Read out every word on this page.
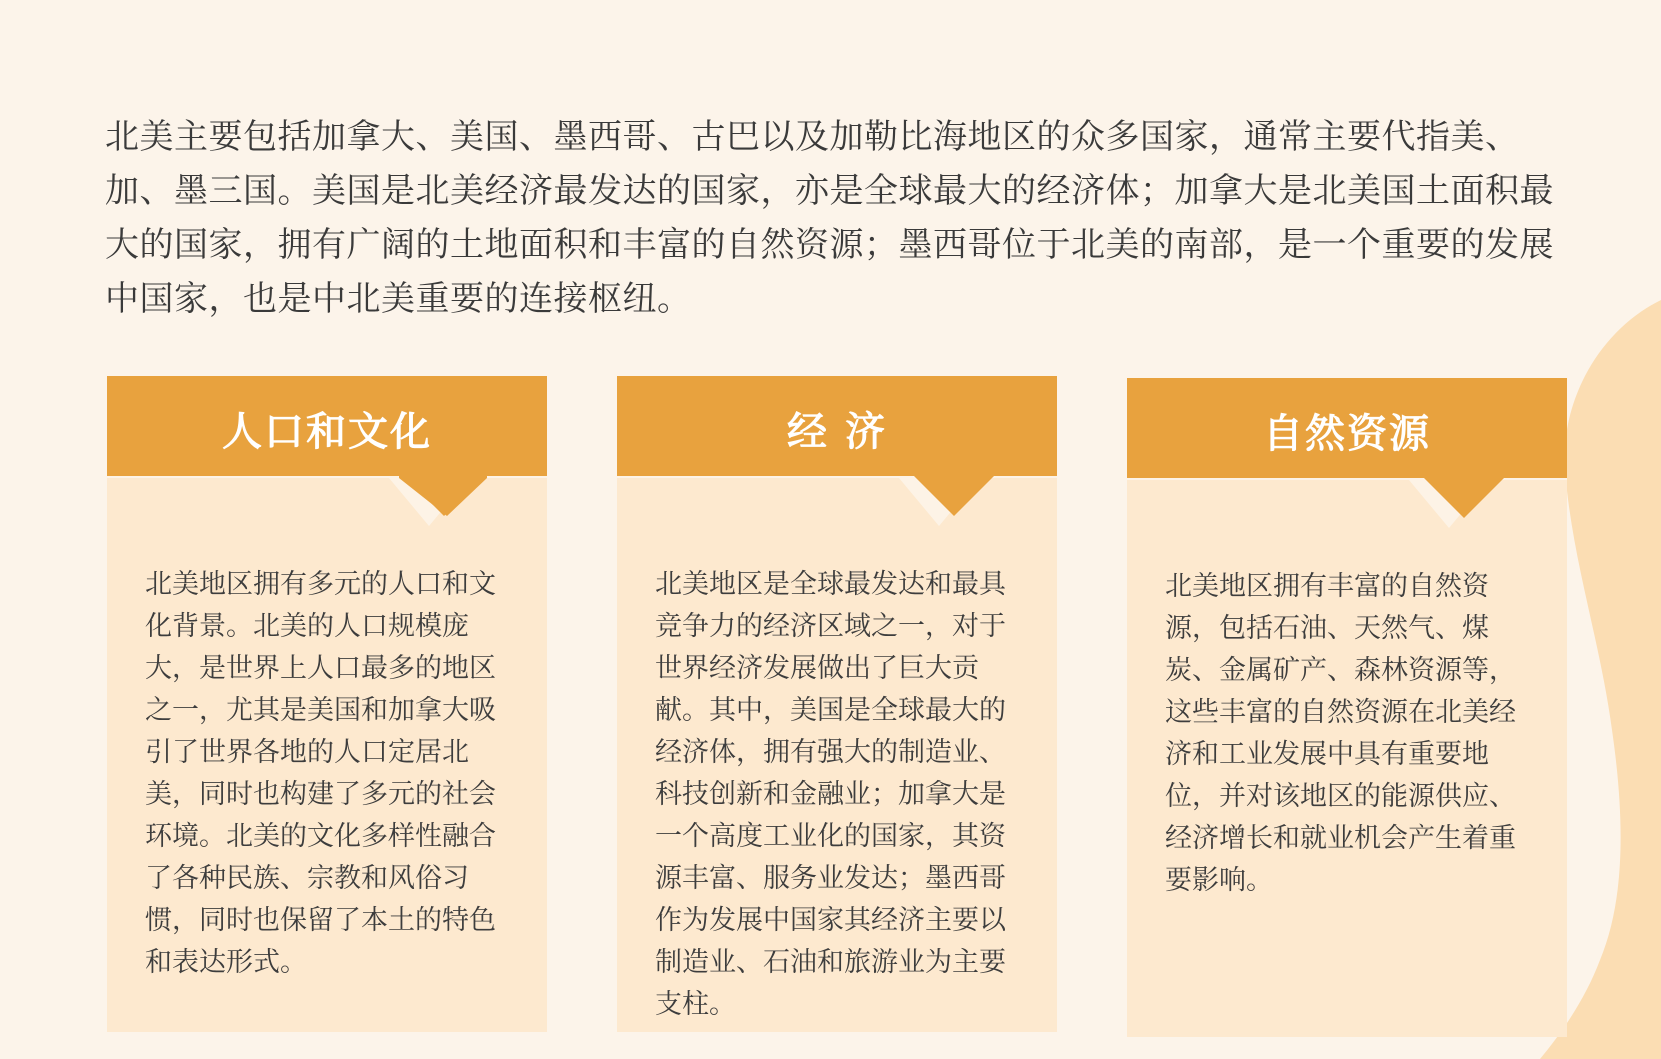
北美主要包括加拿大、美国、墨西哥、古巴以及加勒比海地区的众多国家，通常主要代指美、加、墨三国。美国是北美经济最发达的国家，亦是全球最大的经济体；加拿大是北美国土面积最大的国家，拥有广阔的土地面积和丰富的自然资源；墨西哥位于北美的南部，是一个重要的发展中国家，也是中北美重要的连接枢纽。

人口和文化

北美地区拥有多元的人口和文化背景。北美的人口规模庞大，是世界上人口最多的地区之一，尤其是美国和加拿大吸引了世界各地的人口定居北美，同时也构建了多元的社会环境。北美的文化多样性融合了各种民族、宗教和风俗习惯，同时也保留了本土的特色和表达形式。

经 济

北美地区是全球最发达和最具竞争力的经济区域之一，对于世界经济发展做出了巨大贡献。其中，美国是全球最大的经济体，拥有强大的制造业、科技创新和金融业；加拿大是一个高度工业化的国家，其资源丰富、服务业发达；墨西哥作为发展中国家其经济主要以制造业、石油和旅游业为主要支柱。

自然资源

北美地区拥有丰富的自然资源，包括石油、天然气、煤炭、金属矿产、森林资源等，这些丰富的自然资源在北美经济和工业发展中具有重要地位，并对该地区的能源供应、经济增长和就业机会产生着重要影响。
